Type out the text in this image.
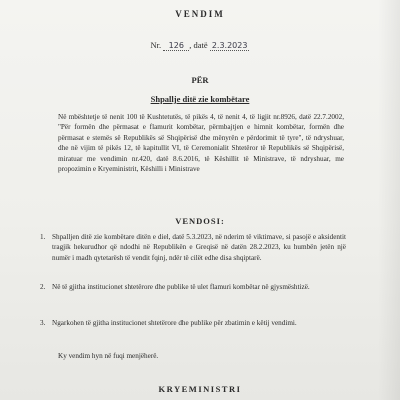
VENDIM
Nr. 126 , datë 2.3.2023
PËR
Shpallje ditë zie kombëtare
Në mbështetje të nenit 100 të Kushtetutës, të pikës 4, të nenit 4, të ligjit nr.8926, datë 22.7.2002, "Për formën dhe përmasat e flamurit kombëtar, përmbajtjen e himnit kombëtar, formën dhe përmasat e stemës së Republikës së Shqipërisë dhe mënyrën e përdorimit të tyre", të ndryshuar, dhe në vijim të pikës 12, të kapitullit VI, të Ceremonialit Shtetëror të Republikës së Shqipërisë, miratuar me vendimin nr.420, datë 8.6.2016, të Këshillit të Ministrave, të ndryshuar, me propozimin e Kryeministrit, Këshilli i Ministrave
VENDOSI:
1. Shpalljen ditë zie kombëtare ditën e diel, datë 5.3.2023, në nderim të viktimave, si pasojë e aksidentit tragjik hekurudhor që ndodhi në Republikën e Greqisë në datën 28.2.2023, ku humbën jetën një numër i madh qytetarësh të vendit fqinj, ndër të cilët edhe disa shqiptarë.
2. Në të gjitha institucionet shtetërore dhe publike të ulet flamuri kombëtar në gjysmështizë.
3. Ngarkohen të gjitha institucionet shtetërore dhe publike për zbatimin e këtij vendimi.
Ky vendim hyn në fuqi menjëherë.
KRYEMINISTRI
